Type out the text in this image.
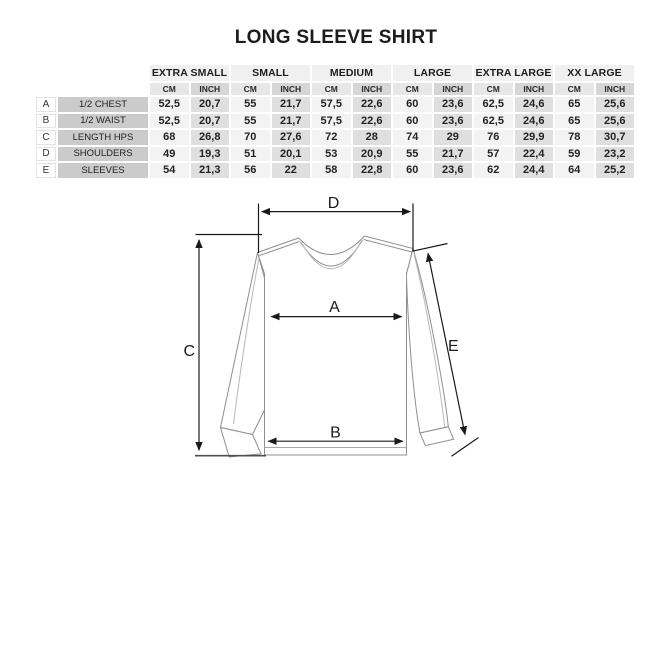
LONG SLEEVE SHIRT
		EXTRA SMALL		SMALL		MEDIUM		LARGE		EXTRA LARGE		XX LARGE	
		CM	INCH	CM	INCH	CM	INCH	CM	INCH	CM	INCH	CM	INCH
A	1/2 CHEST	52,5	20,7	55	21,7	57,5	22,6	60	23,6	62,5	24,6	65	25,6
B	1/2 WAIST	52,5	20,7	55	21,7	57,5	22,6	60	23,6	62,5	24,6	65	25,6
C	LENGTH HPS	68	26,8	70	27,6	72	28	74	29	76	29,9	78	30,7
D	SHOULDERS	49	19,3	51	20,1	53	20,9	55	21,7	57	22,4	59	23,2
E	SLEEVES	54	21,3	56	22	58	22,8	60	23,6	62	24,4	64	25,2
D
C
A
B
E
